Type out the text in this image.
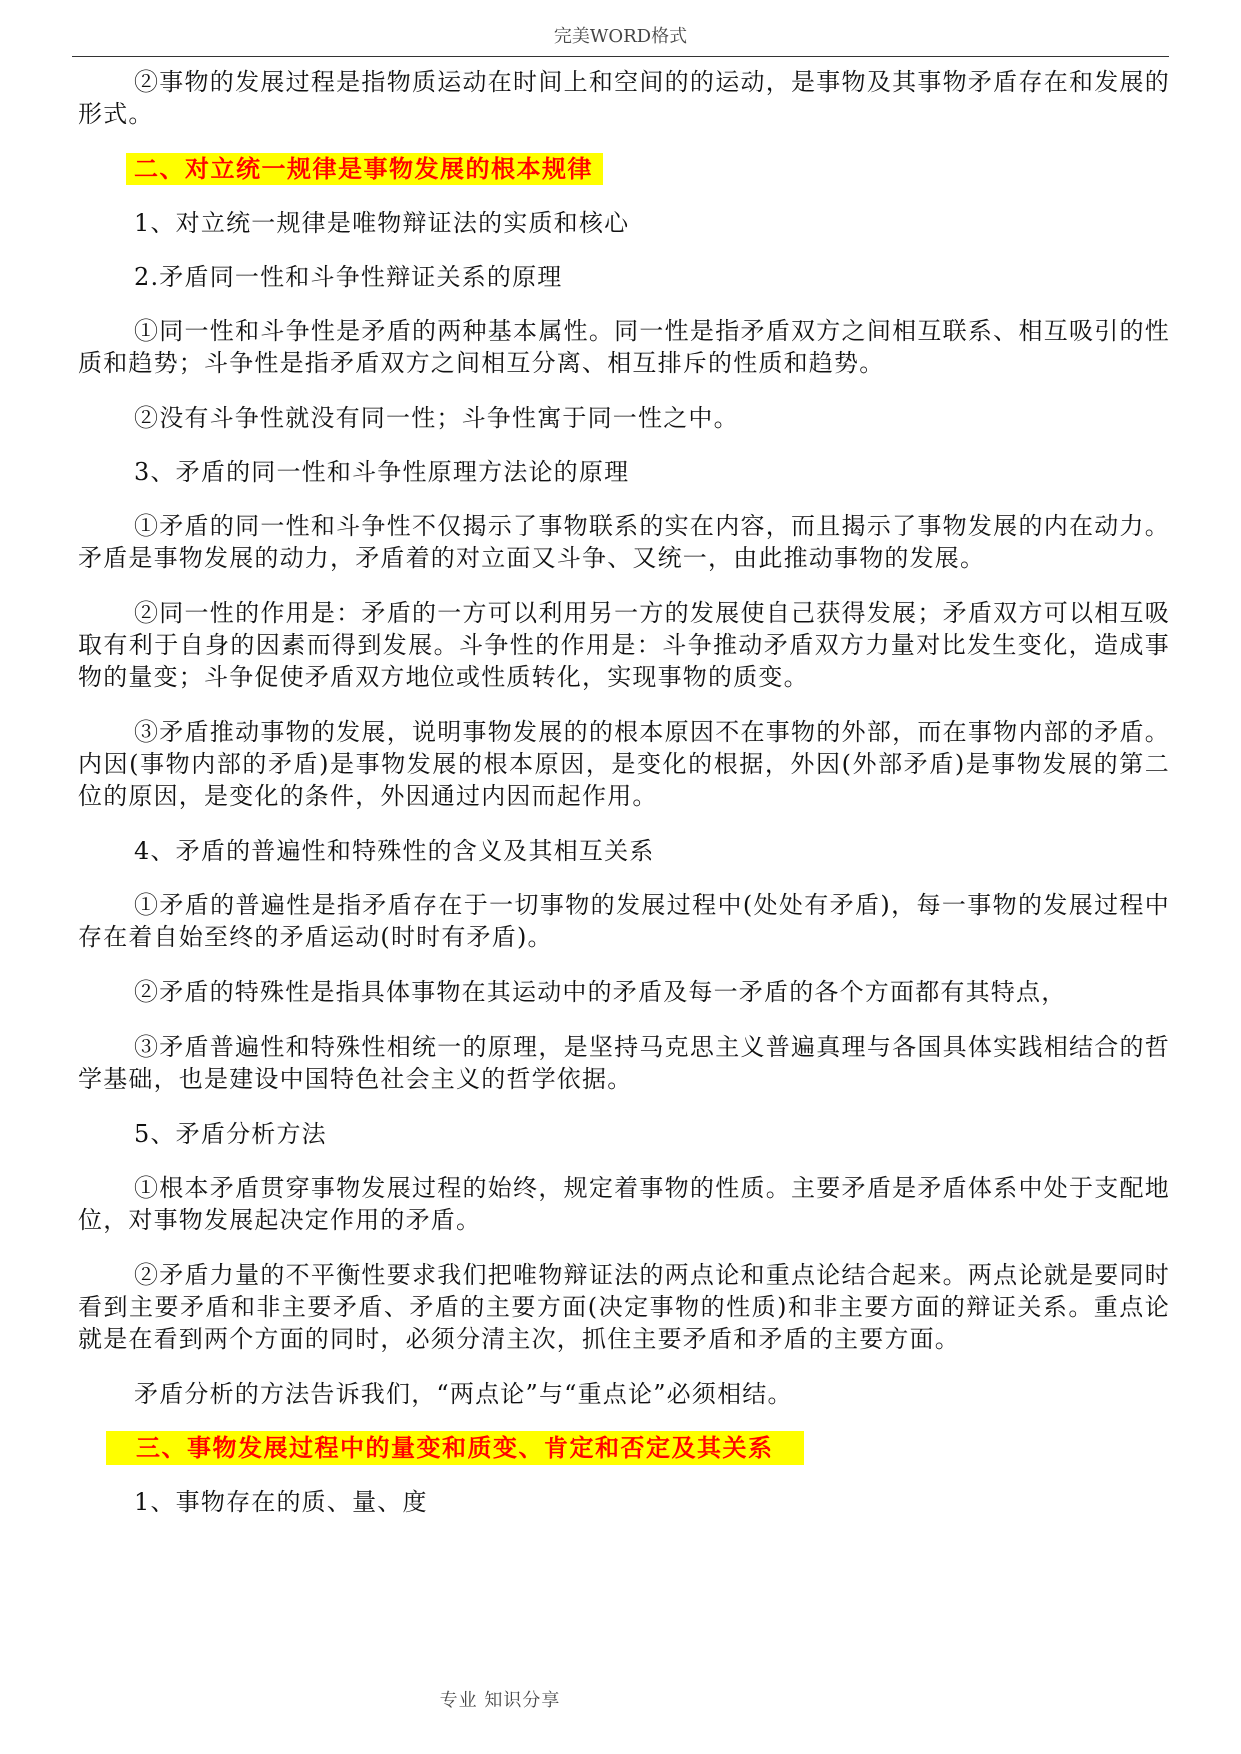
完美WORD格式

②事物的发展过程是指物质运动在时间上和空间的的运动，是事物及其事物矛盾存在和发展的形式。

二、对立统一规律是事物发展的根本规律

1、对立统一规律是唯物辩证法的实质和核心

2.矛盾同一性和斗争性辩证关系的原理

①同一性和斗争性是矛盾的两种基本属性。同一性是指矛盾双方之间相互联系、相互吸引的性质和趋势；斗争性是指矛盾双方之间相互分离、相互排斥的性质和趋势。

②没有斗争性就没有同一性；斗争性寓于同一性之中。

3、矛盾的同一性和斗争性原理方法论的原理

①矛盾的同一性和斗争性不仅揭示了事物联系的实在内容，而且揭示了事物发展的内在动力。矛盾是事物发展的动力，矛盾着的对立面又斗争、又统一，由此推动事物的发展。

②同一性的作用是：矛盾的一方可以利用另一方的发展使自己获得发展；矛盾双方可以相互吸取有利于自身的因素而得到发展。斗争性的作用是：斗争推动矛盾双方力量对比发生变化，造成事物的量变；斗争促使矛盾双方地位或性质转化，实现事物的质变。

③矛盾推动事物的发展，说明事物发展的的根本原因不在事物的外部，而在事物内部的矛盾。内因(事物内部的矛盾)是事物发展的根本原因，是变化的根据，外因(外部矛盾)是事物发展的第二位的原因，是变化的条件，外因通过内因而起作用。

4、矛盾的普遍性和特殊性的含义及其相互关系

①矛盾的普遍性是指矛盾存在于一切事物的发展过程中(处处有矛盾)，每一事物的发展过程中存在着自始至终的矛盾运动(时时有矛盾)。

②矛盾的特殊性是指具体事物在其运动中的矛盾及每一矛盾的各个方面都有其特点，

③矛盾普遍性和特殊性相统一的原理，是坚持马克思主义普遍真理与各国具体实践相结合的哲学基础，也是建设中国特色社会主义的哲学依据。

5、矛盾分析方法

①根本矛盾贯穿事物发展过程的始终，规定着事物的性质。主要矛盾是矛盾体系中处于支配地位，对事物发展起决定作用的矛盾。

②矛盾力量的不平衡性要求我们把唯物辩证法的两点论和重点论结合起来。两点论就是要同时看到主要矛盾和非主要矛盾、矛盾的主要方面(决定事物的性质)和非主要方面的辩证关系。重点论就是在看到两个方面的同时，必须分清主次，抓住主要矛盾和矛盾的主要方面。

矛盾分析的方法告诉我们，“两点论”与“重点论”必须相结。

三、事物发展过程中的量变和质变、肯定和否定及其关系

1、事物存在的质、量、度

专业 知识分享
